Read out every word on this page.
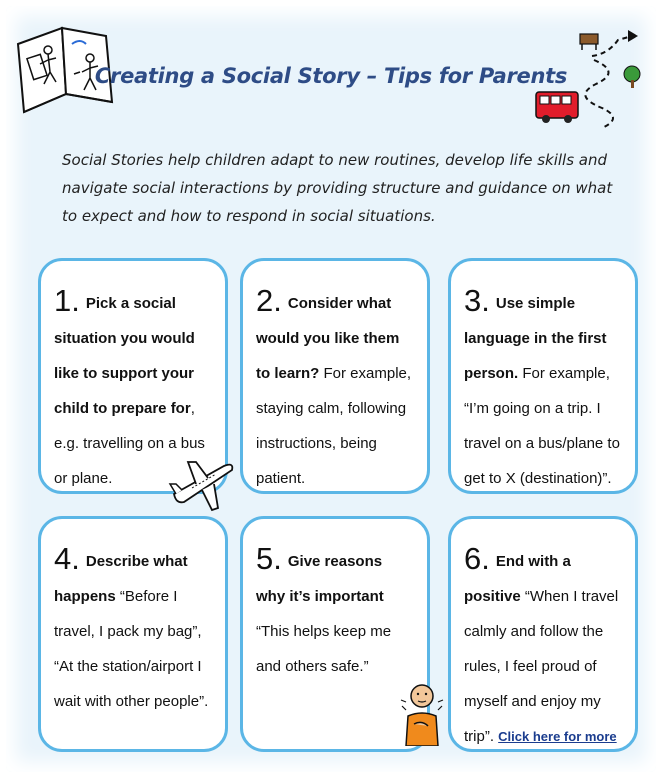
Creating a Social Story – Tips for Parents
Social Stories help children adapt to new routines, develop life skills and navigate social interactions by providing structure and guidance on what to expect and how to respond in social situations.
1. Pick a social situation you would like to support your child to prepare for, e.g. travelling on a bus or plane.
2. Consider what would you like them to learn? For example, staying calm, following instructions, being patient.
3. Use simple language in the first person. For example, “I’m going on a trip. I travel on a bus/plane to get to X (destination)”.
4. Describe what happens “Before I travel, I pack my bag”, “At the station/airport I wait with other people”.
5. Give reasons why it’s important “This helps keep me and others safe.”
6. End with a positive “When I travel calmly and follow the rules, I feel proud of myself and enjoy my trip”. Click here for more
